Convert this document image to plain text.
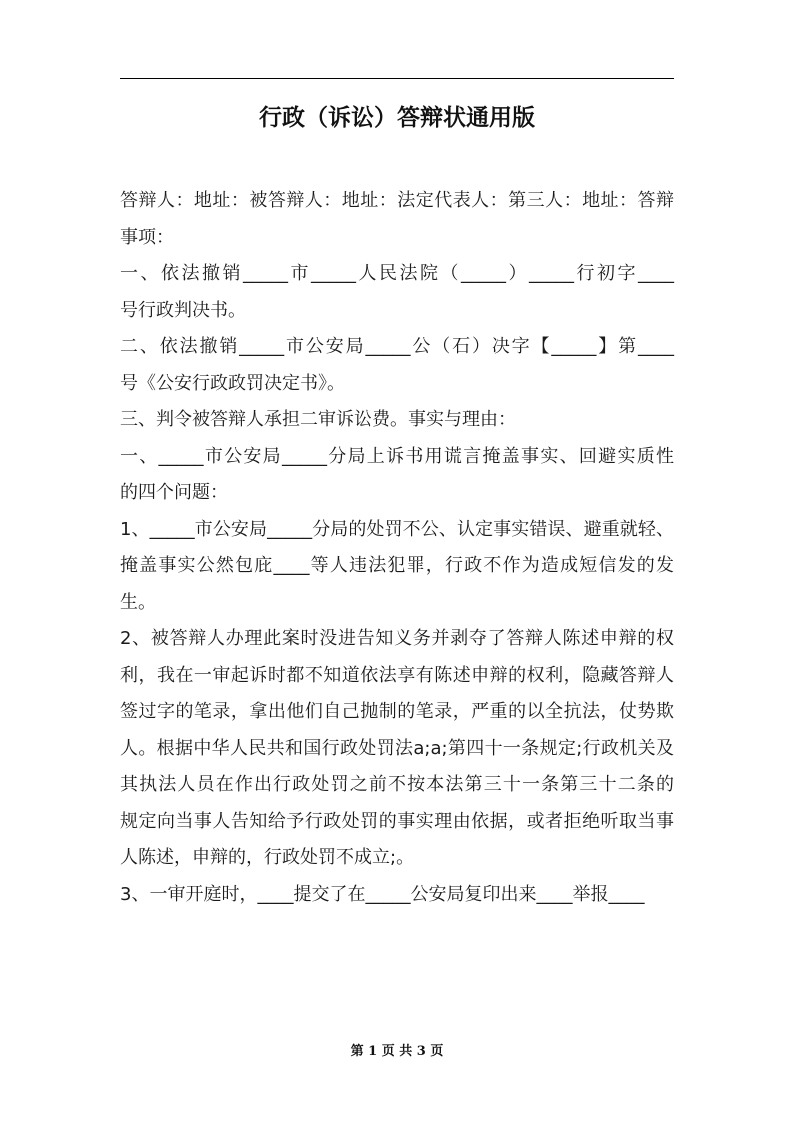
行政（诉讼）答辩状通用版
答辩人：地址：被答辩人：地址：法定代表人：第三人：地址：答辩
事项：
一、依法撤销_____市_____人民法院（_____）_____行初字____
号行政判决书。
二、依法撤销_____市公安局_____公（石）决字【_____】第____
号《公安行政政罚决定书》。
三、判令被答辩人承担二审诉讼费。事实与理由：
一、_____市公安局_____分局上诉书用谎言掩盖事实、回避实质性
的四个问题：
1、_____市公安局_____分局的处罚不公、认定事实错误、避重就轻、
掩盖事实公然包庇____等人违法犯罪，行政不作为造成短信发的发
生。
2、被答辩人办理此案时没进告知义务并剥夺了答辩人陈述申辩的权
利，我在一审起诉时都不知道依法享有陈述申辩的权利，隐藏答辩人
签过字的笔录，拿出他们自己抛制的笔录，严重的以全抗法，仗势欺
人。根据中华人民共和国行政处罚法a;a;第四十一条规定;行政机关及
其执法人员在作出行政处罚之前不按本法第三十一条第三十二条的
规定向当事人告知给予行政处罚的事实理由依据，或者拒绝听取当事
人陈述，申辩的，行政处罚不成立;。
3、一审开庭时，____提交了在_____公安局复印出来____举报____
第 1 页 共 3 页
